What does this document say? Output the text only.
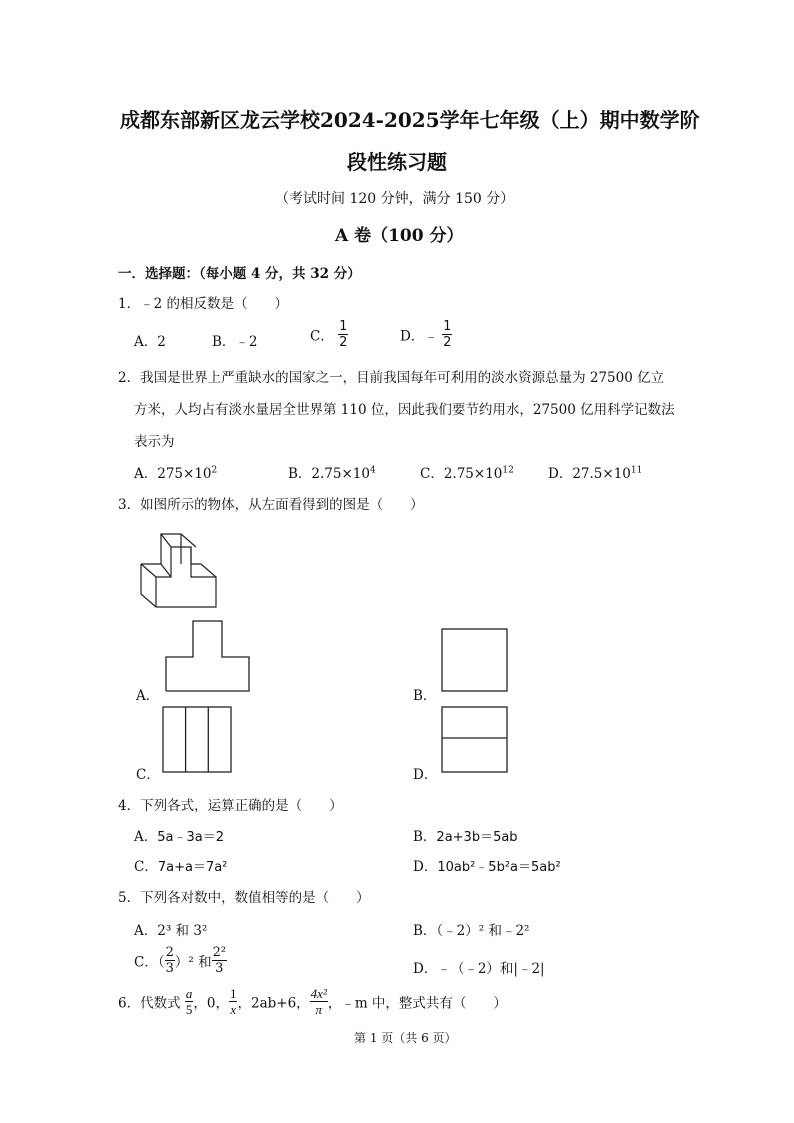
成都东部新区龙云学校2024-2025学年七年级（上）期中数学阶
段性练习题
（考试时间 120 分钟，满分 150 分）
A 卷（100 分）
一．选择题：（每小题 4 分，共 32 分）
1．﹣2 的相反数是（　　）
A．2	B．﹣2	C． $\frac{1}{2}$	D．﹣ $\frac{1}{2}$
2．我国是世界上严重缺水的国家之一，目前我国每年可利用的淡水资源总量为 27500 亿立
方米，人均占有淡水量居全世界第 110 位，因此我们要节约用水，27500 亿用科学记数法
表示为
A．$275\times 10^2$	B．$2.75\times 10^4$	C．$2.75\times 10^{12}$	D．$27.5\times 10^{11}$
3．如图所示的物体，从左面看得到的图是（　　）
A．	B．
C．	D．
4．下列各式，运算正确的是（　　）
A．5a﹣3a＝2	B．2a+3b＝5ab
C．7a+a＝7a²	D．10ab²﹣5b²a＝5ab²
5．下列各对数中，数值相等的是（　　）
A．2³ 和 3²	B．（﹣2）² 和﹣2²
C．（ $\frac{2}{3} )^2$ 和 $\frac{\text{2²}}{3}$	D．﹣（﹣2）和|﹣2|
6．代数式 $\frac{a}{5}$ ，0， $\frac{1}{x}$ ，2ab+6， $\frac{\text{4x²}}{\pi}$ ，﹣m 中，整式共有（　　）
第 1 页（共 6 页）
